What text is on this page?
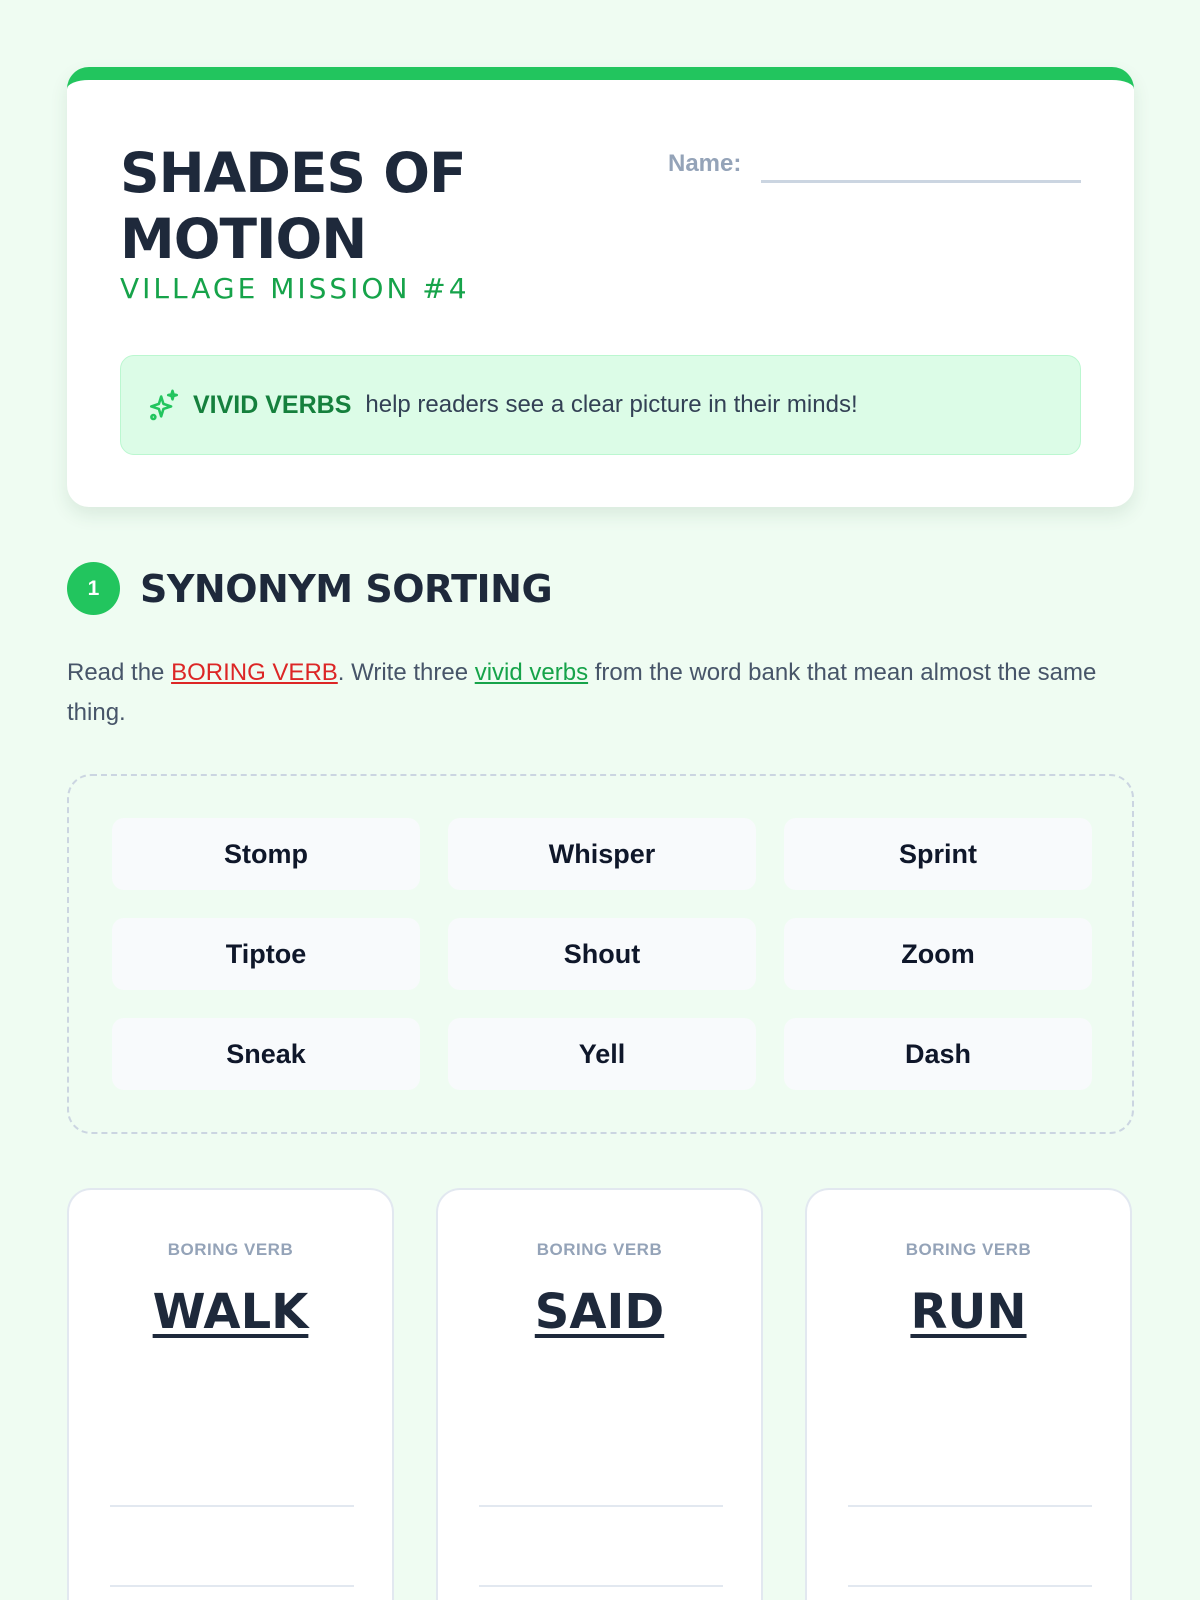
SHADES OF MOTION
VILLAGE MISSION #4
Name:
VIVID VERBS help readers see a clear picture in their minds!
1	SYNONYM SORTING

Read the BORING VERB. Write three vivid verbs from the word bank that mean almost the same thing.

Stomp	Whisper	Sprint
Tiptoe	Shout	Zoom
Sneak	Yell	Dash
BORING VERB
WALK
BORING VERB
SAID
BORING VERB
RUN
